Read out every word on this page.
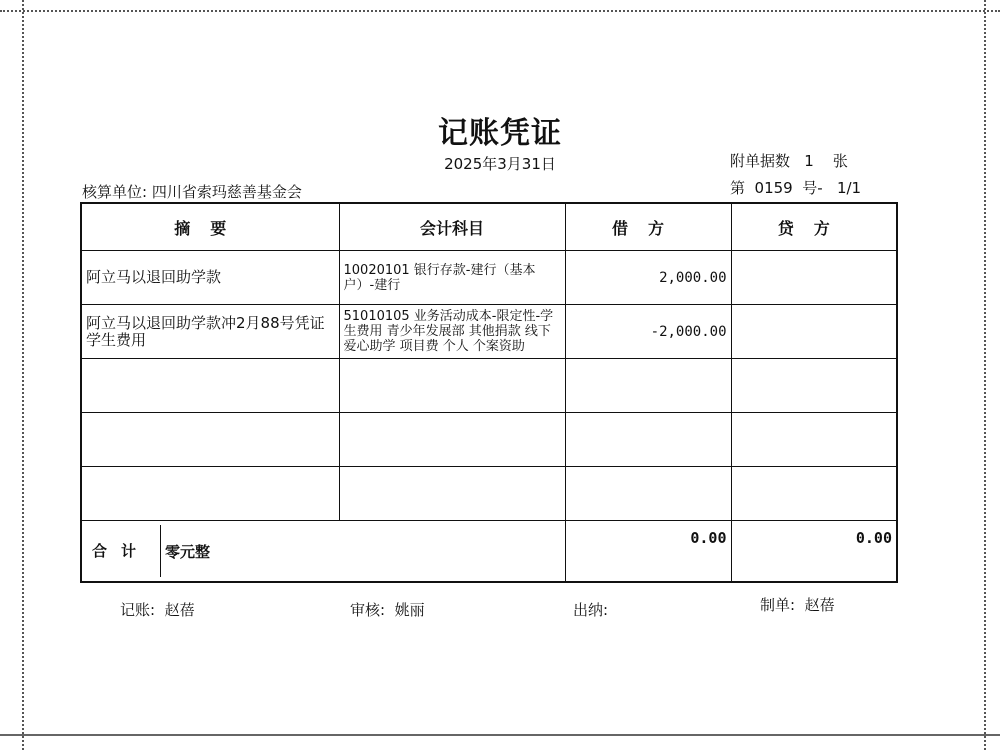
记账凭证
2025年3月31日	附单据数   1    张
第  0159  号-   1/1
核算单位: 四川省索玛慈善基金会
摘要	会计科目	借方	贷方
阿立马以退回助学款	10020101 银行存款-建行（基本户）-建行	2,000.00	
阿立马以退回助学款冲2月88号凭证学生费用	51010105 业务活动成本-限定性-学生费用 青少年发展部 其他捐款 线下爱心助学 项目费 个人 个案资助	-2,000.00	

合计 零元整		0.00	0.00
记账:  赵蓓	审核:  姚丽	出纳:	制单:  赵蓓
